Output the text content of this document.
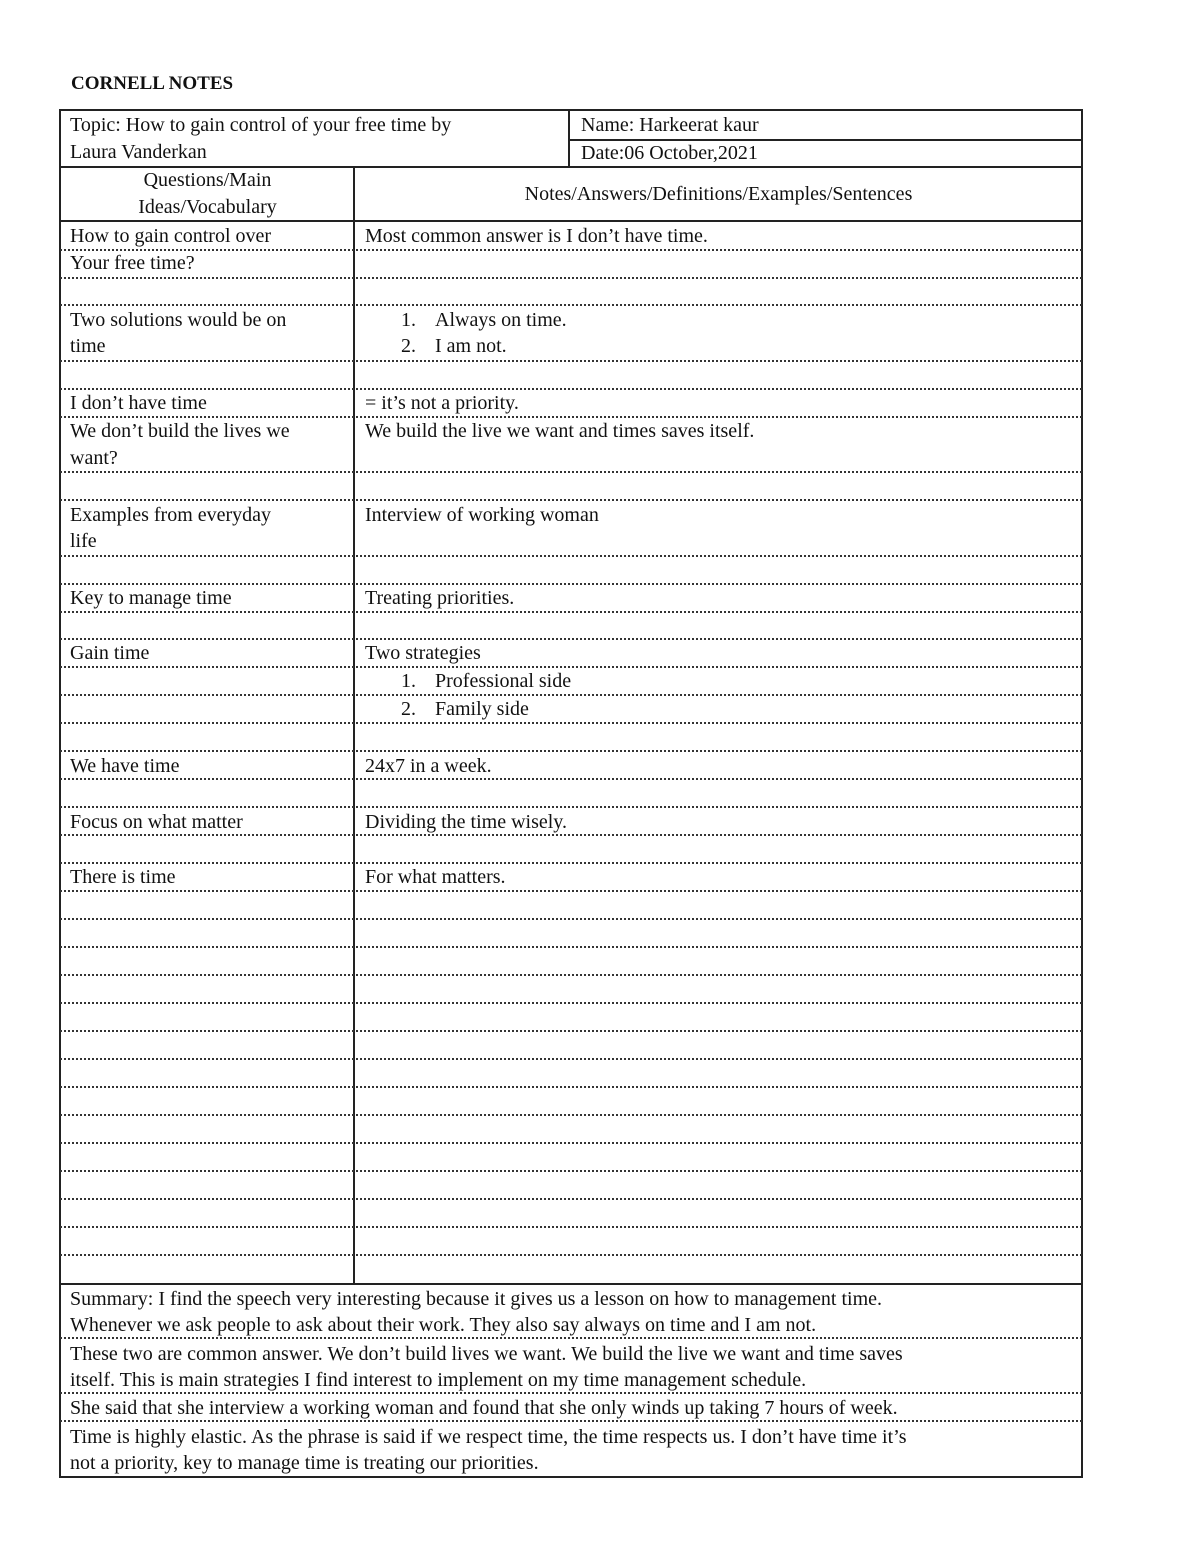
CORNELL NOTES
Topic: How to gain control of your free time by
Laura Vanderkan
Name: Harkeerat kaur
Date:06 October,2021
Questions/Main Ideas/Vocabulary
Notes/Answers/Definitions/Examples/Sentences
How to gain control over
Your free time?
Two solutions would be on
time
I don’t have time
We don’t build the lives we
want?
Examples from everyday
life
Key to manage time
Gain time
We have time
Focus on what matter
There is time
Most common answer is I don’t have time.
1. Always on time.
2. I am not.
= it’s not a priority.
We build the live we want and times saves itself.
Interview of working woman
Treating priorities.
Two strategies
1. Professional side
2. Family side
24x7 in a week.
Dividing the time wisely.
For what matters.
Summary: I find the speech very interesting because it gives us a lesson on how to management time.
Whenever we ask people to ask about their work. They also say always on time and I am not.
These two are common answer. We don’t build lives we want. We build the live we want and time saves
itself. This is main strategies I find interest to implement on my time management schedule.
She said that she interview a working woman and found that she only winds up taking 7 hours of week.
Time is highly elastic. As the phrase is said if we respect time, the time respects us. I don’t have time it’s
not a priority, key to manage time is treating our priorities.
